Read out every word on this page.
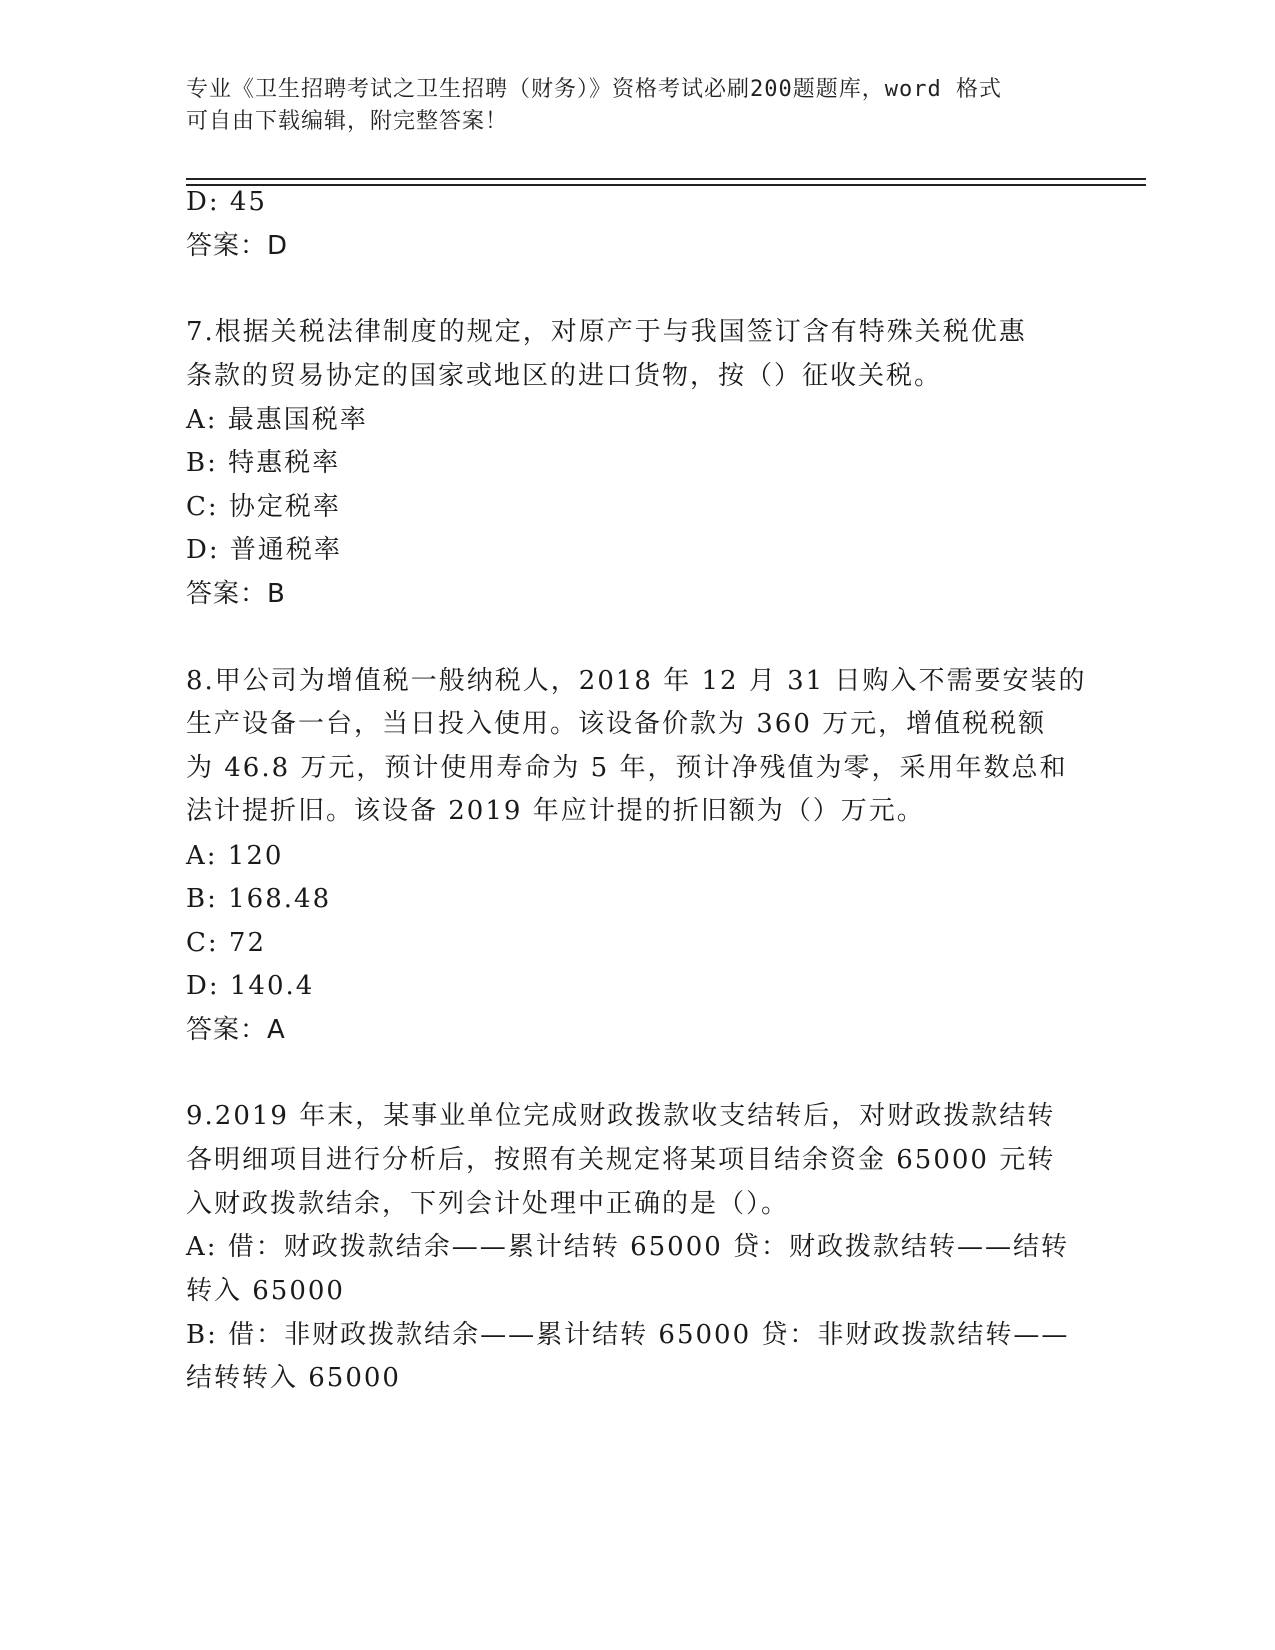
专业《卫生招聘考试之卫生招聘（财务）》资格考试必刷200题题库，word 格式
可自由下载编辑，附完整答案！
D: 45
答案：D
7.根据关税法律制度的规定，对原产于与我国签订含有特殊关税优惠
条款的贸易协定的国家或地区的进口货物，按（）征收关税。
A: 最惠国税率
B: 特惠税率
C: 协定税率
D: 普通税率
答案：B
8.甲公司为增值税一般纳税人，2018 年 12 月 31 日购入不需要安装的
生产设备一台，当日投入使用。该设备价款为 360 万元，增值税税额
为 46.8 万元，预计使用寿命为 5 年，预计净残值为零，采用年数总和
法计提折旧。该设备 2019 年应计提的折旧额为（）万元。
A: 120
B: 168.48
C: 72
D: 140.4
答案：A
9.2019 年末，某事业单位完成财政拨款收支结转后，对财政拨款结转
各明细项目进行分析后，按照有关规定将某项目结余资金 65000 元转
入财政拨款结余，下列会计处理中正确的是（）。
A: 借：财政拨款结余——累计结转 65000 贷：财政拨款结转——结转
转入 65000
B: 借：非财政拨款结余——累计结转 65000 贷：非财政拨款结转——
结转转入 65000
